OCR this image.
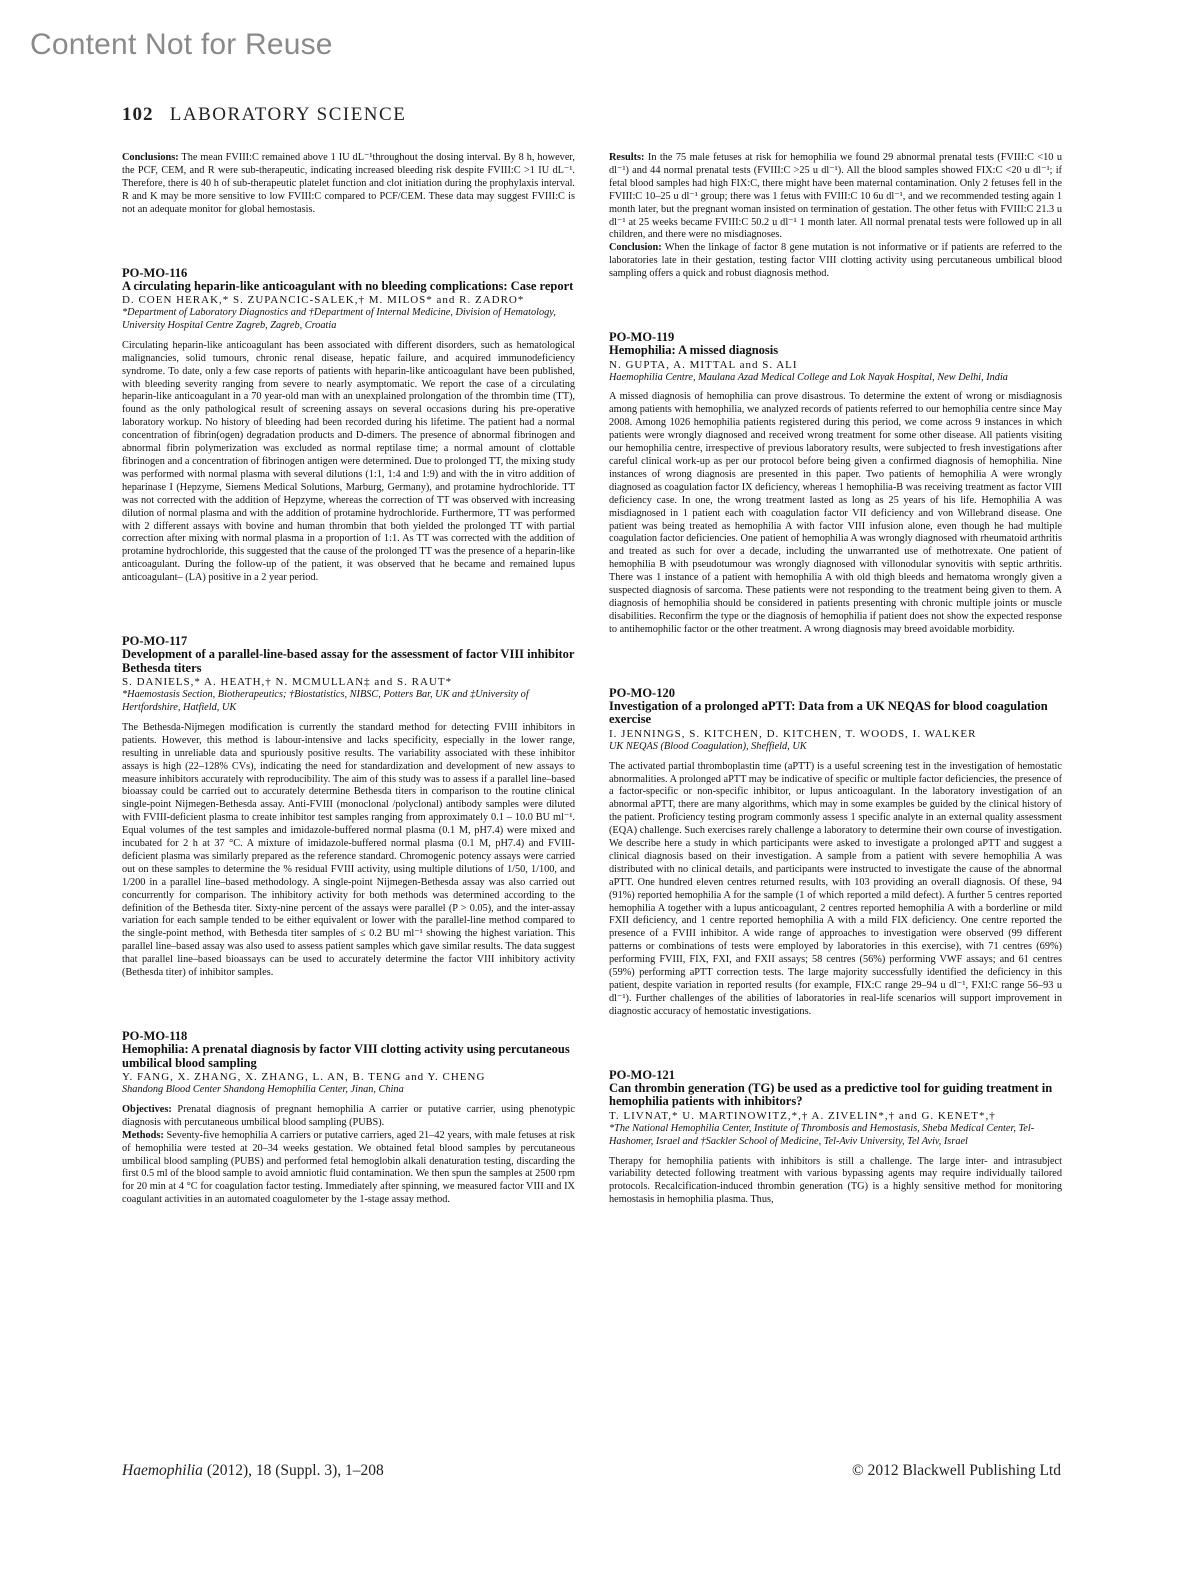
Content Not for Reuse
102 LABORATORY SCIENCE

Conclusions: The mean FVIII:C remained above 1 IU dL⁻¹throughout the dosing interval. By 8 h, however, the PCF, CEM, and R were sub-therapeutic, indicating increased bleeding risk despite FVIII:C >1 IU dL⁻¹. Therefore, there is 40 h of sub-therapeutic platelet function and clot initiation during the prophylaxis interval. R and K may be more sensitive to low FVIII:C compared to PCF/CEM. These data may suggest FVIII:C is not an adequate monitor for global hemostasis.

PO-MO-116

A circulating heparin-like anticoagulant with no bleeding complications: Case report

D. COEN HERAK,* S. ZUPANCIC-SALEK,† M. MILOS* and R. ZADRO*

*Department of Laboratory Diagnostics and †Department of Internal Medicine, Division of Hematology, University Hospital Centre Zagreb, Zagreb, Croatia

Circulating heparin-like anticoagulant has been associated with different disorders, such as hematological malignancies, solid tumours, chronic renal disease, hepatic failure, and acquired immunodeficiency syndrome. To date, only a few case reports of patients with heparin-like anticoagulant have been published, with bleeding severity ranging from severe to nearly asymptomatic. We report the case of a circulating heparin-like anticoagulant in a 70 year-old man with an unexplained prolongation of the thrombin time (TT), found as the only pathological result of screening assays on several occasions during his pre-operative laboratory workup. No history of bleeding had been recorded during his lifetime. The patient had a normal concentration of fibrin(ogen) degradation products and D-dimers. The presence of abnormal fibrinogen and abnormal fibrin polymerization was excluded as normal reptilase time; a normal amount of clottable fibrinogen and a concentration of fibrinogen antigen were determined. Due to prolonged TT, the mixing study was performed with normal plasma with several dilutions (1:1, 1:4 and 1:9) and with the in vitro addition of heparinase I (Hepzyme, Siemens Medical Solutions, Marburg, Germany), and protamine hydrochloride. TT was not corrected with the addition of Hepzyme, whereas the correction of TT was observed with increasing dilution of normal plasma and with the addition of protamine hydrochloride. Furthermore, TT was performed with 2 different assays with bovine and human thrombin that both yielded the prolonged TT with partial correction after mixing with normal plasma in a proportion of 1:1. As TT was corrected with the addition of protamine hydrochloride, this suggested that the cause of the prolonged TT was the presence of a heparin-like anticoagulant. During the follow-up of the patient, it was observed that he became and remained lupus anticoagulant– (LA) positive in a 2 year period.

PO-MO-117

Development of a parallel-line-based assay for the assessment of factor VIII inhibitor Bethesda titers

S. DANIELS,* A. HEATH,† N. MCMULLAN‡ and S. RAUT*

*Haemostasis Section, Biotherapeutics; †Biostatistics, NIBSC, Potters Bar, UK and ‡University of Hertfordshire, Hatfield, UK

The Bethesda-Nijmegen modification is currently the standard method for detecting FVIII inhibitors in patients. However, this method is labour-intensive and lacks specificity, especially in the lower range, resulting in unreliable data and spuriously positive results. The variability associated with these inhibitor assays is high (22–128% CVs), indicating the need for standardization and development of new assays to measure inhibitors accurately with reproducibility. The aim of this study was to assess if a parallel line–based bioassay could be carried out to accurately determine Bethesda titers in comparison to the routine clinical single-point Nijmegen-Bethesda assay. Anti-FVIII (monoclonal /polyclonal) antibody samples were diluted with FVIII-deficient plasma to create inhibitor test samples ranging from approximately 0.1 – 10.0 BU ml⁻¹. Equal volumes of the test samples and imidazole-buffered normal plasma (0.1 M, pH7.4) were mixed and incubated for 2 h at 37 °C. A mixture of imidazole-buffered normal plasma (0.1 M, pH7.4) and FVIII-deficient plasma was similarly prepared as the reference standard. Chromogenic potency assays were carried out on these samples to determine the % residual FVIII activity, using multiple dilutions of 1/50, 1/100, and 1/200 in a parallel line–based methodology. A single-point Nijmegen-Bethesda assay was also carried out concurrently for comparison. The inhibitory activity for both methods was determined according to the definition of the Bethesda titer. Sixty-nine percent of the assays were parallel (P > 0.05), and the inter-assay variation for each sample tended to be either equivalent or lower with the parallel-line method compared to the single-point method, with Bethesda titer samples of ≤ 0.2 BU ml⁻¹ showing the highest variation. This parallel line–based assay was also used to assess patient samples which gave similar results. The data suggest that parallel line–based bioassays can be used to accurately determine the factor VIII inhibitory activity (Bethesda titer) of inhibitor samples.

PO-MO-118

Hemophilia: A prenatal diagnosis by factor VIII clotting activity using percutaneous umbilical blood sampling

Y. FANG, X. ZHANG, X. ZHANG, L. AN, B. TENG and Y. CHENG

Shandong Blood Center Shandong Hemophilia Center, Jinan, China

Objectives: Prenatal diagnosis of pregnant hemophilia A carrier or putative carrier, using phenotypic diagnosis with percutaneous umbilical blood sampling (PUBS).

Methods: Seventy-five hemophilia A carriers or putative carriers, aged 21–42 years, with male fetuses at risk of hemophilia were tested at 20–34 weeks gestation. We obtained fetal blood samples by percutaneous umbilical blood sampling (PUBS) and performed fetal hemoglobin alkali denaturation testing, discarding the first 0.5 ml of the blood sample to avoid amniotic fluid contamination. We then spun the samples at 2500 rpm for 20 min at 4 °C for coagulation factor testing. Immediately after spinning, we measured factor VIII and IX coagulant activities in an automated coagulometer by the 1-stage assay method.

Results: In the 75 male fetuses at risk for hemophilia we found 29 abnormal prenatal tests (FVIII:C <10 u dl⁻¹) and 44 normal prenatal tests (FVIII:C >25 u dl⁻¹). All the blood samples showed FIX:C <20 u dl⁻¹; if fetal blood samples had high FIX:C, there might have been maternal contamination. Only 2 fetuses fell in the FVIII:C 10–25 u dl⁻¹ group; there was 1 fetus with FVIII:C 10 6u dl⁻¹, and we recommended testing again 1 month later, but the pregnant woman insisted on termination of gestation. The other fetus with FVIII:C 21.3 u dl⁻¹ at 25 weeks became FVIII:C 50.2 u dl⁻¹ 1 month later. All normal prenatal tests were followed up in all children, and there were no misdiagnoses.

Conclusion: When the linkage of factor 8 gene mutation is not informative or if patients are referred to the laboratories late in their gestation, testing factor VIII clotting activity using percutaneous umbilical blood sampling offers a quick and robust diagnosis method.

PO-MO-119

Hemophilia: A missed diagnosis

N. GUPTA, A. MITTAL and S. ALI

Haemophilia Centre, Maulana Azad Medical College and Lok Nayak Hospital, New Delhi, India

A missed diagnosis of hemophilia can prove disastrous. To determine the extent of wrong or misdiagnosis among patients with hemophilia, we analyzed records of patients referred to our hemophilia centre since May 2008. Among 1026 hemophilia patients registered during this period, we come across 9 instances in which patients were wrongly diagnosed and received wrong treatment for some other disease. All patients visiting our hemophilia centre, irrespective of previous laboratory results, were subjected to fresh investigations after careful clinical work-up as per our protocol before being given a confirmed diagnosis of hemophilia. Nine instances of wrong diagnosis are presented in this paper. Two patients of hemophilia A were wrongly diagnosed as coagulation factor IX deficiency, whereas 1 hemophilia-B was receiving treatment as factor VIII deficiency case. In one, the wrong treatment lasted as long as 25 years of his life. Hemophilia A was misdiagnosed in 1 patient each with coagulation factor VII deficiency and von Willebrand disease. One patient was being treated as hemophilia A with factor VIII infusion alone, even though he had multiple coagulation factor deficiencies. One patient of hemophilia A was wrongly diagnosed with rheumatoid arthritis and treated as such for over a decade, including the unwarranted use of methotrexate. One patient of hemophilia B with pseudotumour was wrongly diagnosed with villonodular synovitis with septic arthritis. There was 1 instance of a patient with hemophilia A with old thigh bleeds and hematoma wrongly given a suspected diagnosis of sarcoma. These patients were not responding to the treatment being given to them. A diagnosis of hemophilia should be considered in patients presenting with chronic multiple joints or muscle disabilities. Reconfirm the type or the diagnosis of hemophilia if patient does not show the expected response to antihemophilic factor or the other treatment. A wrong diagnosis may breed avoidable morbidity.

PO-MO-120

Investigation of a prolonged aPTT: Data from a UK NEQAS for blood coagulation exercise

I. JENNINGS, S. KITCHEN, D. KITCHEN, T. WOODS, I. WALKER

UK NEQAS (Blood Coagulation), Sheffield, UK

The activated partial thromboplastin time (aPTT) is a useful screening test in the investigation of hemostatic abnormalities. A prolonged aPTT may be indicative of specific or multiple factor deficiencies, the presence of a factor-specific or non-specific inhibitor, or lupus anticoagulant. In the laboratory investigation of an abnormal aPTT, there are many algorithms, which may in some examples be guided by the clinical history of the patient. Proficiency testing program commonly assess 1 specific analyte in an external quality assessment (EQA) challenge. Such exercises rarely challenge a laboratory to determine their own course of investigation. We describe here a study in which participants were asked to investigate a prolonged aPTT and suggest a clinical diagnosis based on their investigation. A sample from a patient with severe hemophilia A was distributed with no clinical details, and participants were instructed to investigate the cause of the abnormal aPTT. One hundred eleven centres returned results, with 103 providing an overall diagnosis. Of these, 94 (91%) reported hemophilia A for the sample (1 of which reported a mild defect). A further 5 centres reported hemophilia A together with a lupus anticoagulant, 2 centres reported hemophilia A with a borderline or mild FXII deficiency, and 1 centre reported hemophilia A with a mild FIX deficiency. One centre reported the presence of a FVIII inhibitor. A wide range of approaches to investigation were observed (99 different patterns or combinations of tests were employed by laboratories in this exercise), with 71 centres (69%) performing FVIII, FIX, FXI, and FXII assays; 58 centres (56%) performing VWF assays; and 61 centres (59%) performing aPTT correction tests. The large majority successfully identified the deficiency in this patient, despite variation in reported results (for example, FIX:C range 29–94 u dl⁻¹, FXI:C range 56–93 u dl⁻¹). Further challenges of the abilities of laboratories in real-life scenarios will support improvement in diagnostic accuracy of hemostatic investigations.

PO-MO-121

Can thrombin generation (TG) be used as a predictive tool for guiding treatment in hemophilia patients with inhibitors?

T. LIVNAT,* U. MARTINOWITZ,*,† A. ZIVELIN*,† and G. KENET*,†

*The National Hemophilia Center, Institute of Thrombosis and Hemostasis, Sheba Medical Center, Tel-Hashomer, Israel and †Sackler School of Medicine, Tel-Aviv University, Tel Aviv, Israel

Therapy for hemophilia patients with inhibitors is still a challenge. The large inter- and intrasubject variability detected following treatment with various bypassing agents may require individually tailored protocols. Recalcification-induced thrombin generation (TG) is a highly sensitive method for monitoring hemostasis in hemophilia plasma. Thus,

Haemophilia (2012), 18 (Suppl. 3), 1–208	© 2012 Blackwell Publishing Ltd
